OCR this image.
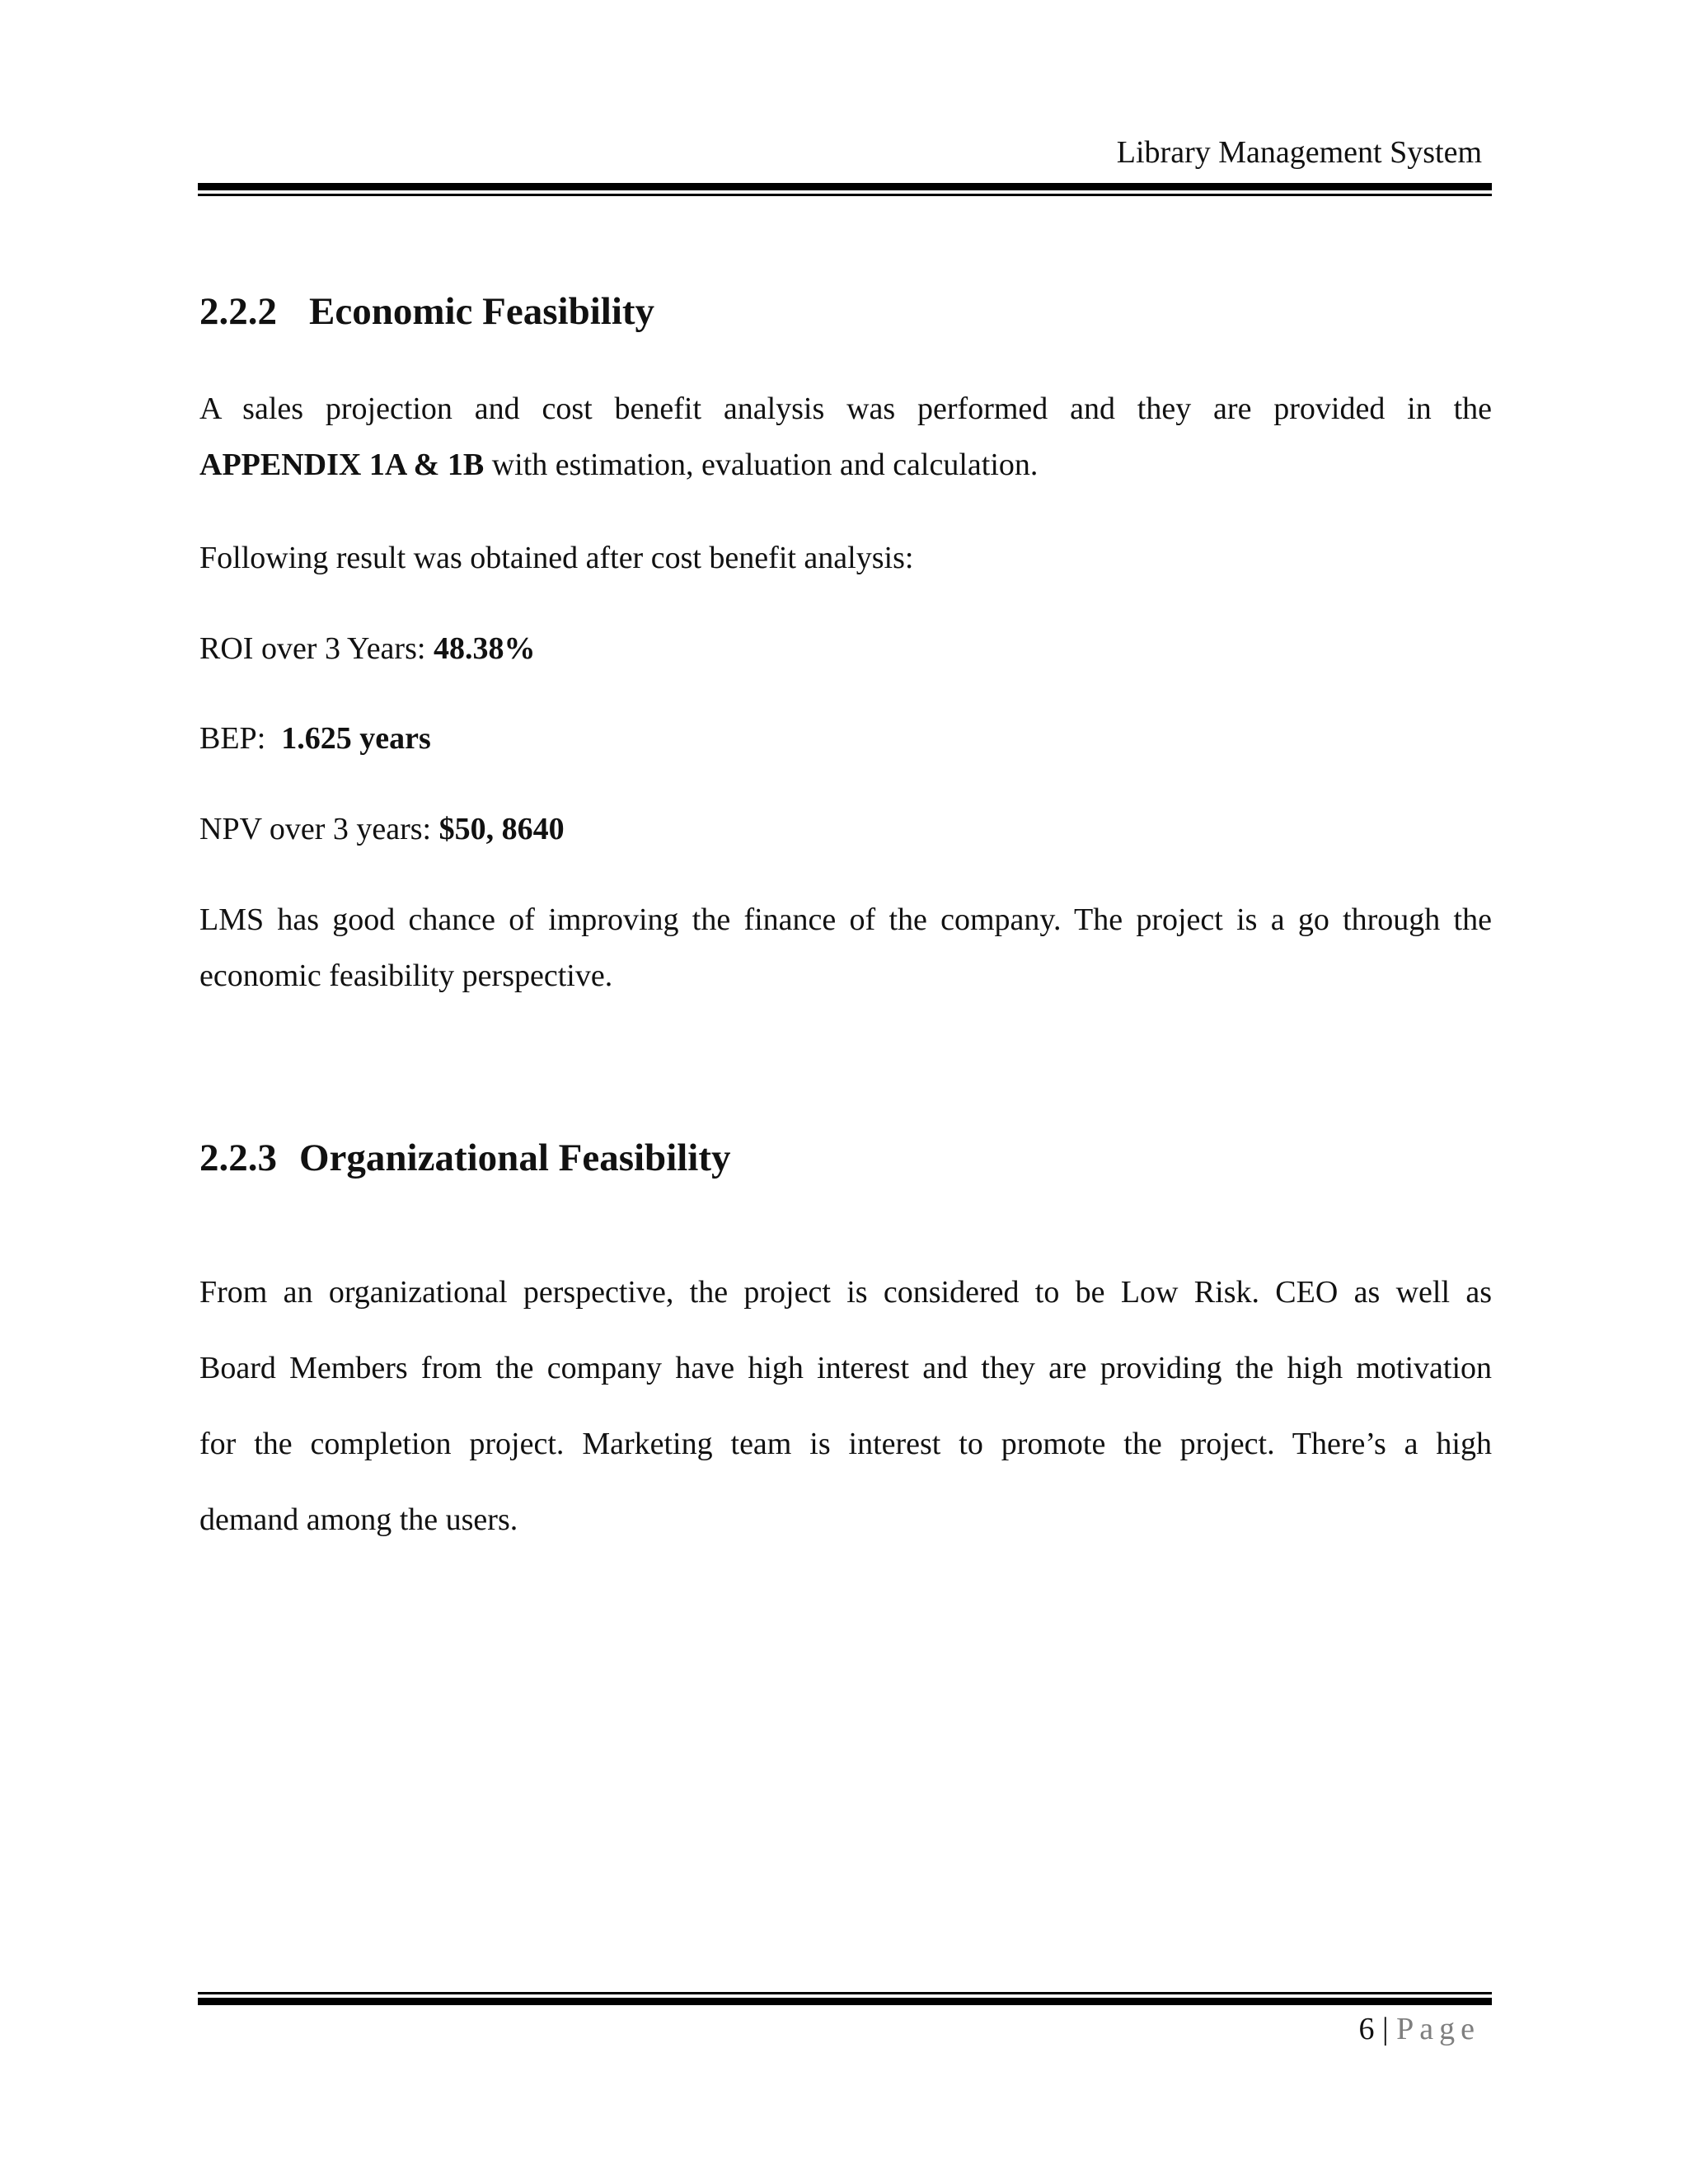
Library Management System
2.2.2 Economic Feasibility
A sales projection and cost benefit analysis was performed and they are provided in the
APPENDIX 1A & 1B with estimation, evaluation and calculation.
Following result was obtained after cost benefit analysis:
ROI over 3 Years: 48.38%
BEP:  1.625 years
NPV over 3 years: $50, 8640
LMS has good chance of improving the finance of the company. The project is a go through the
economic feasibility perspective.
2.2.3 Organizational Feasibility
From an organizational perspective, the project is considered to be Low Risk. CEO as well as
Board Members from the company have high interest and they are providing the high motivation
for the completion project. Marketing team is interest to promote the project. There’s a high
demand among the users.
6 | Page
